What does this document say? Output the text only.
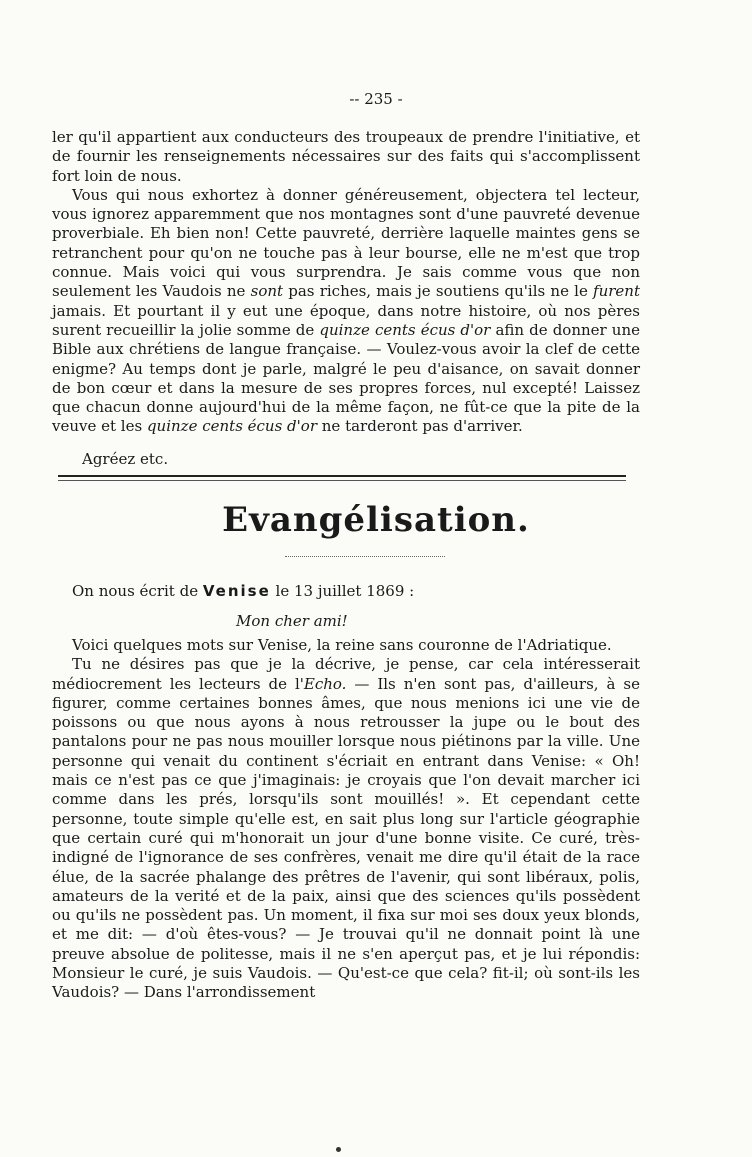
-- 235 -

ler qu'il appartient aux conducteurs des troupeaux de prendre l'initiative, et de fournir les renseignements nécessaires sur des faits qui s'accomplissent fort loin de nous.

Vous qui nous exhortez à donner généreusement, objectera tel lecteur, vous ignorez apparemment que nos montagnes sont d'une pauvreté devenue proverbiale. Eh bien non! Cette pauvreté, derrière laquelle maintes gens se retranchent pour qu'on ne touche pas à leur bourse, elle ne m'est que trop connue. Mais voici qui vous surprendra. Je sais comme vous que non seulement les Vaudois ne sont pas riches, mais je soutiens qu'ils ne le furent jamais. Et pourtant il y eut une époque, dans notre histoire, où nos pères surent recueillir la jolie somme de quinze cents écus d'or afin de donner une Bible aux chrétiens de langue française. — Voulez-vous avoir la clef de cette enigme? Au temps dont je parle, malgré le peu d'aisance, on savait donner de bon cœur et dans la mesure de ses propres forces, nul excepté! Laissez que chacun donne aujourd'hui de la même façon, ne fût-ce que la pite de la veuve et les quinze cents écus d'or ne tarderont pas d'arriver.

Agréez etc.
Evangélisation.
On nous écrit de Venise le 13 juillet 1869 :
Mon cher ami!

Voici quelques mots sur Venise, la reine sans couronne de l'Adriatique.

Tu ne désires pas que je la décrive, je pense, car cela intéresserait médiocrement les lecteurs de l'Echo. — Ils n'en sont pas, d'ailleurs, à se figurer, comme certaines bonnes âmes, que nous menions ici une vie de poissons ou que nous ayons à nous retrousser la jupe ou le bout des pantalons pour ne pas nous mouiller lorsque nous piétinons par la ville. Une personne qui venait du continent s'écriait en entrant dans Venise: « Oh! mais ce n'est pas ce que j'imaginais: je croyais que l'on devait marcher ici comme dans les prés, lorsqu'ils sont mouillés! ». Et cependant cette personne, toute simple qu'elle est, en sait plus long sur l'article géographie que certain curé qui m'honorait un jour d'une bonne visite. Ce curé, très-indigné de l'ignorance de ses confrères, venait me dire qu'il était de la race élue, de la sacrée phalange des prêtres de l'avenir, qui sont libéraux, polis, amateurs de la verité et de la paix, ainsi que des sciences qu'ils possèdent ou qu'ils ne possèdent pas. Un moment, il fixa sur moi ses doux yeux blonds, et me dit: — d'où êtes-vous? — Je trouvai qu'il ne donnait point là une preuve absolue de politesse, mais il ne s'en aperçut pas, et je lui répondis: Monsieur le curé, je suis Vaudois. — Qu'est-ce que cela? fit-il; où sont-ils les Vaudois? — Dans l'arrondissement
